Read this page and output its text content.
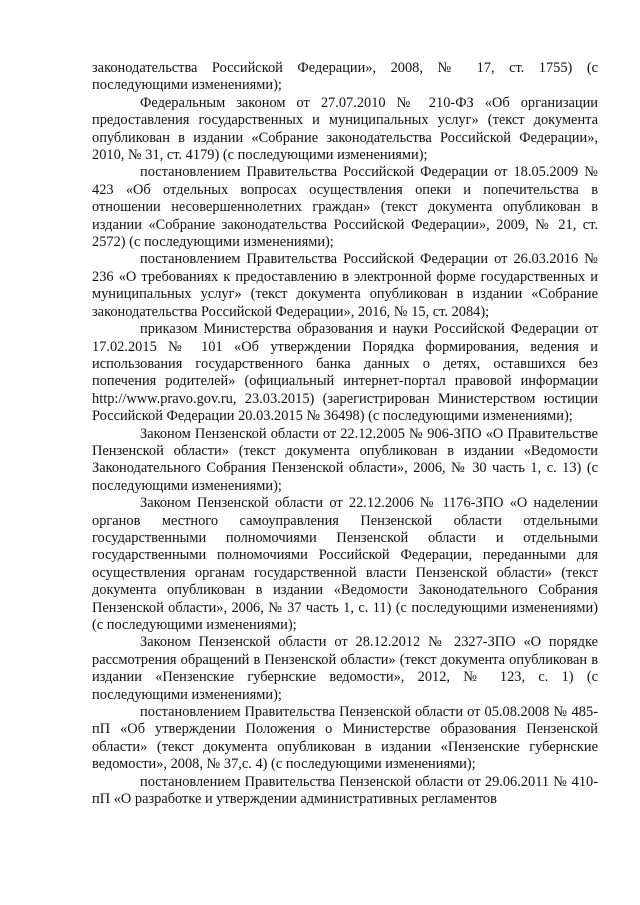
законодательства Российской Федерации», 2008, № 17, ст. 1755) (с последующими изменениями);

Федеральным законом от 27.07.2010 № 210-ФЗ «Об организации предоставления государственных и муниципальных услуг» (текст документа опубликован в издании «Собрание законодательства Российской Федерации», 2010, № 31, ст. 4179) (с последующими изменениями);

постановлением Правительства Российской Федерации от 18.05.2009 № 423 «Об отдельных вопросах осуществления опеки и попечительства в отношении несовершеннолетних граждан» (текст документа опубликован в издании «Собрание законодательства Российской Федерации», 2009, № 21, ст. 2572) (с последующими изменениями);

постановлением Правительства Российской Федерации от 26.03.2016 № 236 «О требованиях к предоставлению в электронной форме государственных и муниципальных услуг» (текст документа опубликован в издании «Собрание законодательства Российской Федерации», 2016, № 15, ст. 2084);

приказом Министерства образования и науки Российской Федерации от 17.02.2015 № 101 «Об утверждении Порядка формирования, ведения и использования государственного банка данных о детях, оставшихся без попечения родителей» (официальный интернет-портал правовой информации http://www.pravo.gov.ru, 23.03.2015) (зарегистрирован Министерством юстиции Российской Федерации 20.03.2015 № 36498) (с последующими изменениями);

Законом Пензенской области от 22.12.2005 № 906-ЗПО «О Правительстве Пензенской области» (текст документа опубликован в издании «Ведомости Законодательного Собрания Пензенской области», 2006, № 30 часть 1, с. 13) (с последующими изменениями);

Законом Пензенской области от 22.12.2006 № 1176-ЗПО «О наделении органов местного самоуправления Пензенской области отдельными государственными полномочиями Пензенской области и отдельными государственными полномочиями Российской Федерации, переданными для осуществления органам государственной власти Пензенской области» (текст документа опубликован в издании «Ведомости Законодательного Собрания Пензенской области», 2006, № 37 часть 1, с. 11) (с последующими изменениями) (с последующими изменениями);

Законом Пензенской области от 28.12.2012 № 2327-ЗПО «О порядке рассмотрения обращений в Пензенской области» (текст документа опубликован в издании «Пензенские губернские ведомости», 2012, № 123, с. 1) (с последующими изменениями);

постановлением Правительства Пензенской области от 05.08.2008 № 485-пП «Об утверждении Положения о Министерстве образования Пензенской области» (текст документа опубликован в издании «Пензенские губернские ведомости», 2008, № 37,с. 4) (с последующими изменениями);

постановлением Правительства Пензенской области от 29.06.2011 № 410-пП «О разработке и утверждении административных регламентов
